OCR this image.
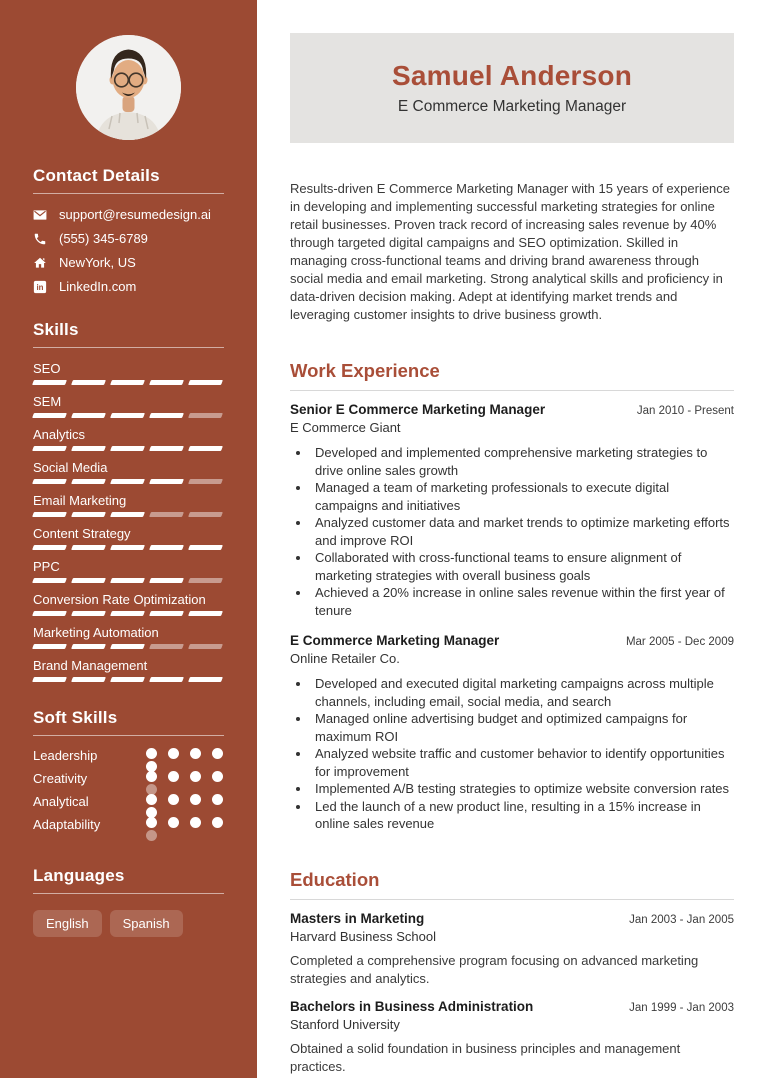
Contact Details
support@resumedesign.ai
(555) 345-6789
NewYork, US
in LinkedIn.com
Skills
SEO
SEM
Analytics
Social Media
Email Marketing
Content Strategy
PPC
Conversion Rate Optimization
Marketing Automation
Brand Management
Soft Skills
Leadership
Creativity
Analytical
Adaptability
Languages
English	Spanish
Samuel Anderson
E Commerce Marketing Manager

Results-driven E Commerce Marketing Manager with 15 years of experience in developing and implementing successful marketing strategies for online retail businesses. Proven track record of increasing sales revenue by 40% through targeted digital campaigns and SEO optimization. Skilled in managing cross-functional teams and driving brand awareness through social media and email marketing. Strong analytical skills and proficiency in data-driven decision making. Adept at identifying market trends and leveraging customer insights to drive business growth.

Work Experience
Senior E Commerce Marketing Manager	Jan 2010 - Present
E Commerce Giant
• Developed and implemented comprehensive marketing strategies to drive online sales growth
• Managed a team of marketing professionals to execute digital campaigns and initiatives
• Analyzed customer data and market trends to optimize marketing efforts and improve ROI
• Collaborated with cross-functional teams to ensure alignment of marketing strategies with overall business goals
• Achieved a 20% increase in online sales revenue within the first year of tenure
E Commerce Marketing Manager	Mar 2005 - Dec 2009
Online Retailer Co.
• Developed and executed digital marketing campaigns across multiple channels, including email, social media, and search
• Managed online advertising budget and optimized campaigns for maximum ROI
• Analyzed website traffic and customer behavior to identify opportunities for improvement
• Implemented A/B testing strategies to optimize website conversion rates
• Led the launch of a new product line, resulting in a 15% increase in online sales revenue
Education
Masters in Marketing	Jan 2003 - Jan 2005
Harvard Business School

Completed a comprehensive program focusing on advanced marketing strategies and analytics.

Bachelors in Business Administration	Jan 1999 - Jan 2003
Stanford University

Obtained a solid foundation in business principles and management practices.
